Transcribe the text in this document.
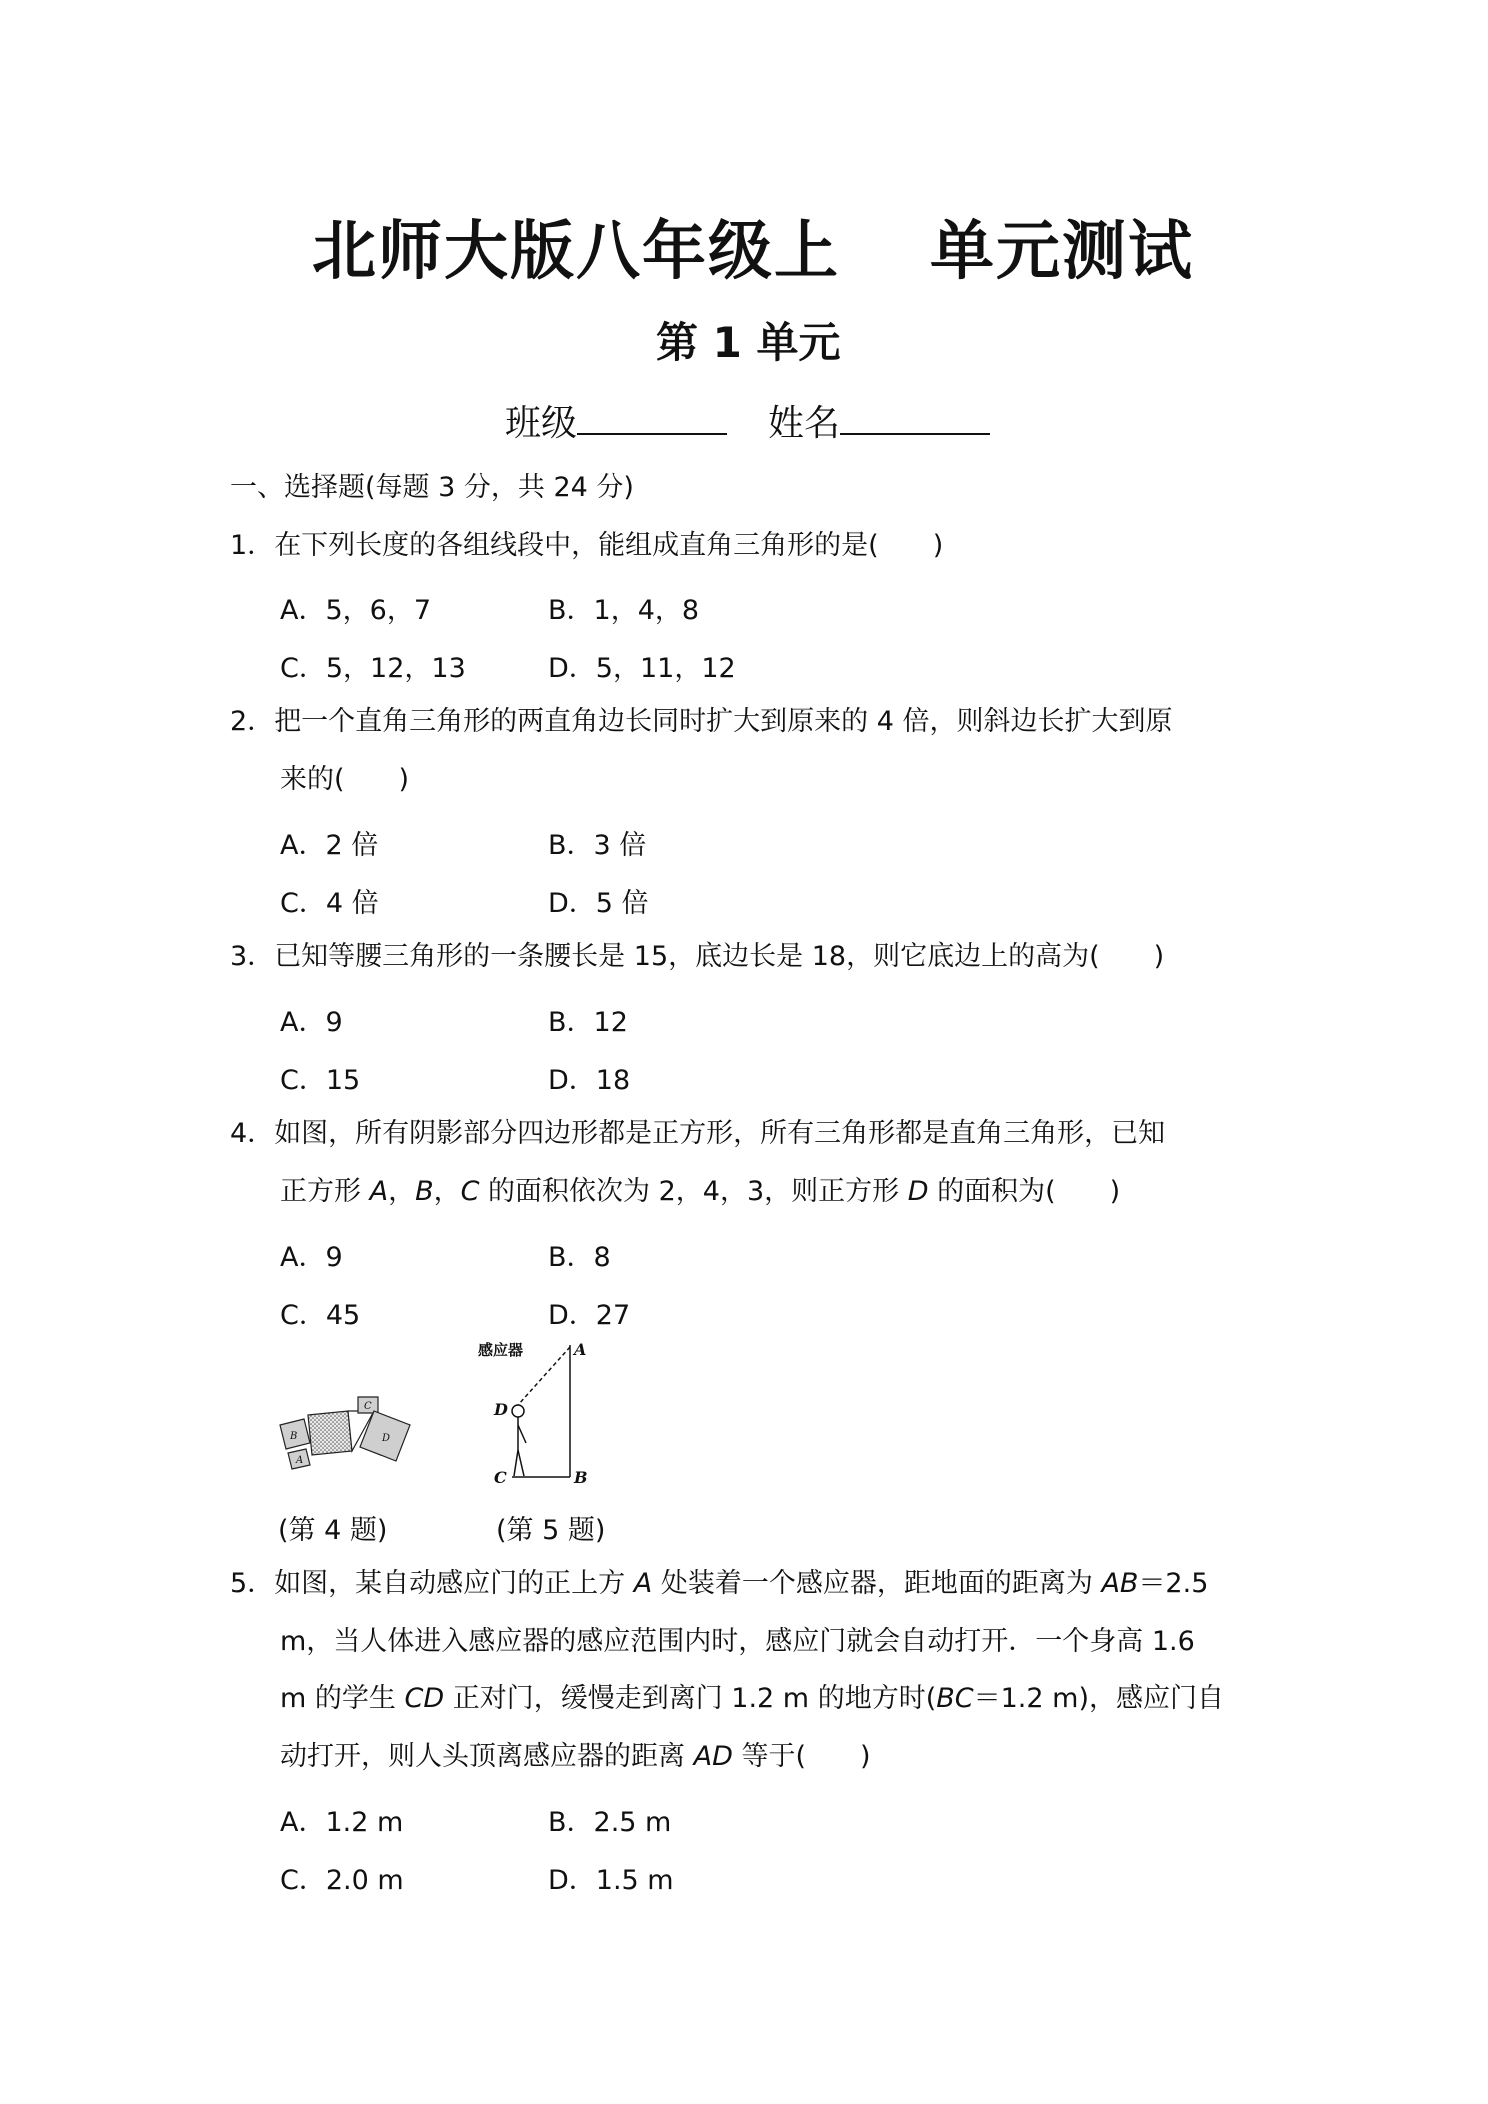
北师大版八年级上 单元测试
第 1 单元
班级	姓名
一、选择题(每题 3 分，共 24 分)
1．在下列长度的各组线段中，能组成直角三角形的是(　　)
A．5，6，7	B．1，4，8
C．5，12，13	D．5，11，12
2．把一个直角三角形的两直角边长同时扩大到原来的 4 倍，则斜边长扩大到原
来的(　　)
A．2 倍	B．3 倍
C．4 倍	D．5 倍
3．已知等腰三角形的一条腰长是 15，底边长是 18，则它底边上的高为(　　)
A．9	B．12
C．15	D．18
4．如图，所有阴影部分四边形都是正方形，所有三角形都是直角三角形，已知
正方形 A，B，C 的面积依次为 2，4，3，则正方形 D 的面积为(　　)
A．9	B．8
C．45	D．27
B
A
C
D
感应器	A
D
C	B
(第 4 题)	(第 5 题)
5．如图，某自动感应门的正上方 A 处装着一个感应器，距地面的距离为 AB＝2.5
m，当人体进入感应器的感应范围内时，感应门就会自动打开．一个身高 1.6
m 的学生 CD 正对门，缓慢走到离门 1.2 m 的地方时(BC＝1.2 m)，感应门自
动打开，则人头顶离感应器的距离 AD 等于(　　)
A．1.2 m	B．2.5 m
C．2.0 m	D．1.5 m
